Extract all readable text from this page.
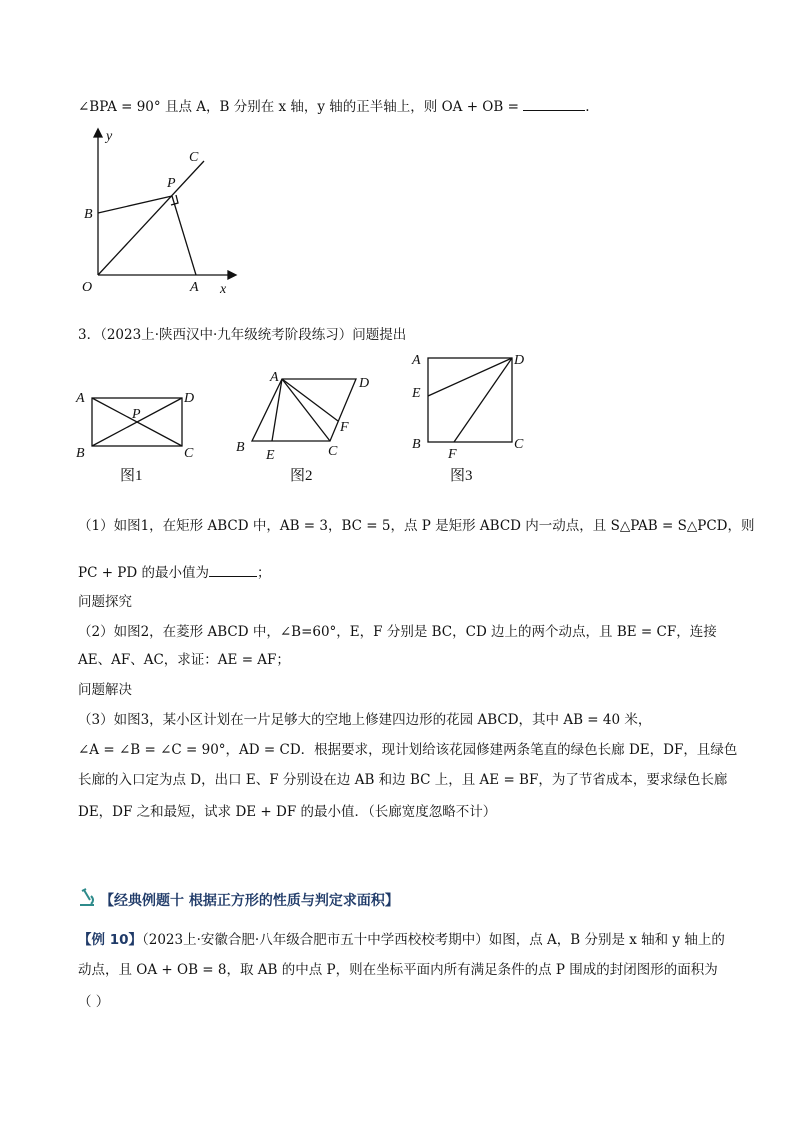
∠BPA = 90° 且点 A，B 分别在 x 轴，y 轴的正半轴上，则 OA + OB =	.
y
x
O	A
B
P
C
3．（2023上·陕西汉中·九年级统考阶段练习）问题提出
A	D
B	C
P
图1
A	D
B
E	C
F
图2
A	D
E
B
F
C
图3
（1）如图1，在矩形 ABCD 中，AB = 3，BC = 5，点 P 是矩形 ABCD 内一动点，且 S△PAB = S△PCD，则
PC + PD 的最小值为	；
问题探究
（2）如图2，在菱形 ABCD 中，∠B=60°，E，F 分别是 BC，CD 边上的两个动点，且 BE = CF，连接
AE、AF、AC，求证：AE = AF；
问题解决
（3）如图3，某小区计划在一片足够大的空地上修建四边形的花园 ABCD，其中 AB = 40 米，
∠A = ∠B = ∠C = 90°，AD = CD．根据要求，现计划给该花园修建两条笔直的绿色长廊 DE，DF，且绿色
长廊的入口定为点 D，出口 E、F 分别设在边 AB 和边 BC 上，且 AE = BF，为了节省成本，要求绿色长廊
DE，DF 之和最短，试求 DE + DF 的最小值．（长廊宽度忽略不计）
【经典例题十 根据正方形的性质与判定求面积】
【例 10】（2023上·安徽合肥·八年级合肥市五十中学西校校考期中）如图，点 A，B 分别是 x 轴和 y 轴上的
动点，且 OA + OB = 8，取 AB 的中点 P，则在坐标平面内所有满足条件的点 P 围成的封闭图形的面积为
（ ）
